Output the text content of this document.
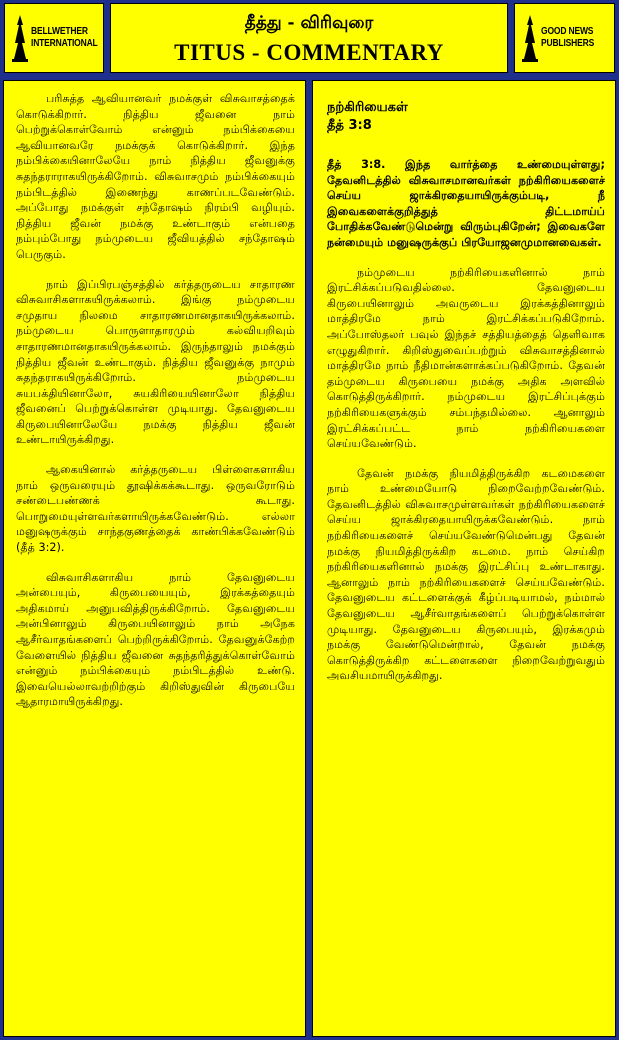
BELLWETHER
INTERNATIONAL
தீத்து - விரிவுரை
TITUS - COMMENTARY
GOOD NEWS
PUBLISHERS

பரிசுத்த ஆவியானவர் நமக்குள் விசுவாசத்தைக் கொடுக்கிறார். நித்திய ஜீவனை நாம் பெற்றுக்கொள்வோம் என்னும் நம்பிக்கையை ஆவியானவரே நமக்குக் கொடுக்கிறார். இந்த நம்பிக்கையினாலேயே நாம் நித்திய ஜீவனுக்கு சுதந்தராராகயிருக்கிறோம். விசுவாசமும் நம்பிக்கையும் நம்பிடத்தில் இணைந்து காணப்படவேண்டும். அப்போது நமக்குள் சந்தோஷம் நிரம்பி வழியும். நித்திய ஜீவன் நமக்கு உண்டாகும் என்பதை நம்பும்போது நம்முடைய ஜீவியத்தில் சந்தோஷம் பெருகும்.

நாம் இப்பிரபஞ்சத்தில் கர்த்தருடைய சாதாரண விசுவாசிகளாகயிருக்கலாம். இங்கு நம்முடைய சமுதாய நிலமை சாதாரணமானதாகயிருக்கலாம். நம்முடைய பொருளாதாரமும் கல்வியறிவும் சாதாரணமானதாகயிருக்கலாம். இருந்தாலும் நமக்கும் நித்திய ஜீவன் உண்டாகும். நித்திய ஜீவனுக்கு நாமும் சுதந்தராகயிருக்கிறோம். நம்முடைய சுயபக்தியினாலோ, சுயகிரியையினாலோ நித்திய ஜீவனைப் பெற்றுக்கொள்ள முடியாது. தேவனுடைய கிருபையினாலேயே நமக்கு நித்திய ஜீவன் உண்டாயிருக்கிறது.

ஆகையினால் கர்த்தருடைய பிள்ளைகளாகிய நாம் ஒருவரையும் தூஷிக்கக்கூடாது. ஒருவரோடும் சண்டைபண்ணக் கூடாது. பொறுமையுள்ளவர்களாயிருக்கவேண்டும். எல்லா மனுஷருக்கும் சாந்தகுணத்தைக் காண்பிக்கவேண்டும் (தீத் 3:2).

விசுவாசிகளாகிய நாம் தேவனுடைய அன்பையும், கிருபையையும், இரக்கத்தையும் அதிகமாய் அனுபவித்திருக்கிறோம். தேவனுடைய அன்பினாலும் கிருபையினாலும் நாம் அநேக ஆசீர்வாதங்களைப் பெற்றிருக்கிறோம். தேவனுக்கேற்ற வேளையில் நித்திய ஜீவனை சுதந்தரித்துக்கொள்வோம் என்னும் நம்பிக்கையும் நம்பிடத்தில் உண்டு. இவையெல்லாவற்றிற்கும் கிறிஸ்துவின் கிருபையே ஆதாரமாயிருக்கிறது.

நற்கிரியைகள்
தீத் 3:8

தீத் 3:8. இந்த வார்த்தை உண்மையுள்ளது; தேவனிடத்தில் விசுவாசமானவர்கள் நற்கிரியைகளைச் செய்ய ஜாக்கிரதையாயிருக்கும்படி, நீ இவைகளைக்குறித்துத் திட்டமாய்ப் போதிக்கவேண்டுமென்று விரும்புகிறேன்; இவைகளே நன்மையும் மனுஷருக்குப் பிரயோஜனமுமானவைகள்.

நம்முடைய நற்கிரியைகளினால் நாம் இரட்சிக்கப்படுவதில்லை. தேவனுடைய கிருபையினாலும் அவருடைய இரக்கத்தினாலும் மாத்திரமே நாம் இரட்சிக்கப்படுகிறோம். அப்போஸ்தலர் பவுல் இந்தச் சத்தியத்தைத் தெளிவாக எழுதுகிறார். கிறிஸ்துவைப்பற்றும் விசுவாசத்தினால் மாத்திரமே நாம் நீதிமான்களாக்கப்படுகிறோம். தேவன் தம்முடைய கிருபையை நமக்கு அதிக அளவில் கொடுத்திருக்கிறார். நம்முடைய இரட்சிப்புக்கும் நற்கிரியைகளுக்கும் சம்பந்தமில்லை. ஆனாலும் இரட்சிக்கப்பட்ட நாம் நற்கிரியைகளை செய்யவேண்டும்.

தேவன் நமக்கு நியமித்திருக்கிற கடமைகளை நாம் உண்மையோடு நிறைவேற்றவேண்டும். தேவனிடத்தில் விசுவாசமுள்ளவர்கள் நற்கிரியைகளைச் செய்ய ஜாக்கிரதையாயிருக்கவேண்டும். நாம் நற்கிரியைகளைச் செய்யவேண்டுமென்பது தேவன் நமக்கு நியமித்திருக்கிற கடமை. நாம் செய்கிற நற்கிரியைகளினால் நமக்கு இரட்சிப்பு உண்டாகாது. ஆனாலும் நாம் நற்கிரியைகளைச் செய்யவேண்டும். தேவனுடைய கட்டளைக்குக் கீழ்ப்படியாமல், நம்மால் தேவனுடைய ஆசீர்வாதங்களைப் பெற்றுக்கொள்ள முடியாது. தேவனுடைய கிருபையும், இரக்கமும் நமக்கு வேண்டுமென்றால், தேவன் நமக்கு கொடுத்திருக்கிற கட்டளைகளை நிறைவேற்றுவதும் அவசியமாயிருக்கிறது.
